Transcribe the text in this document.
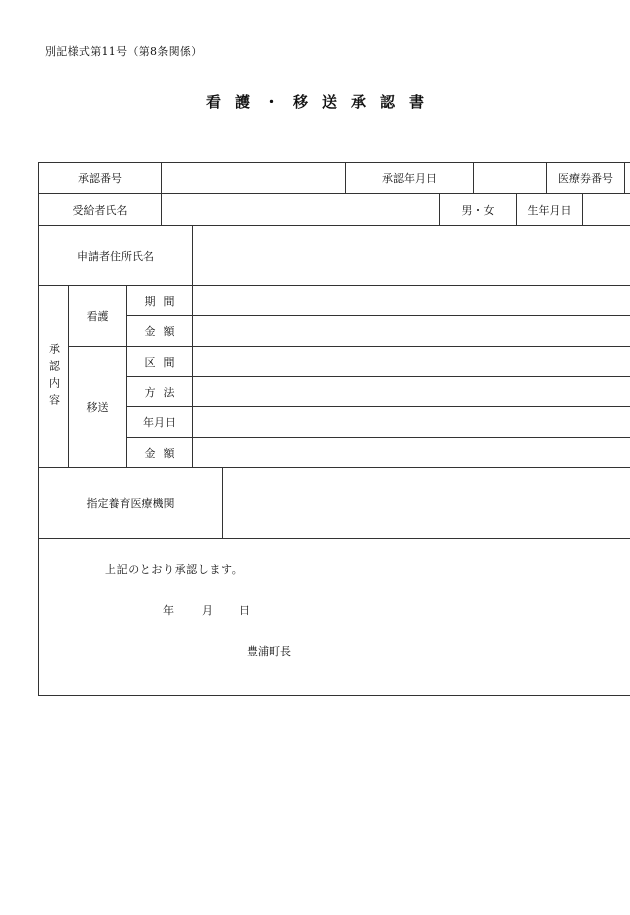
別記様式第11号（第8条関係）
看護・移送承認書
承認番号						承認年月日				医療券番号

受給者氏名							男・女		生年月日	

申請者住所氏名										

承認内容	看護	期間								
		金額								
	移送	区間								
		方法								
		年月日								
		金額								
指定養育医療機関										

上記のとおり承認します。
年 月 日
豊浦町長										
